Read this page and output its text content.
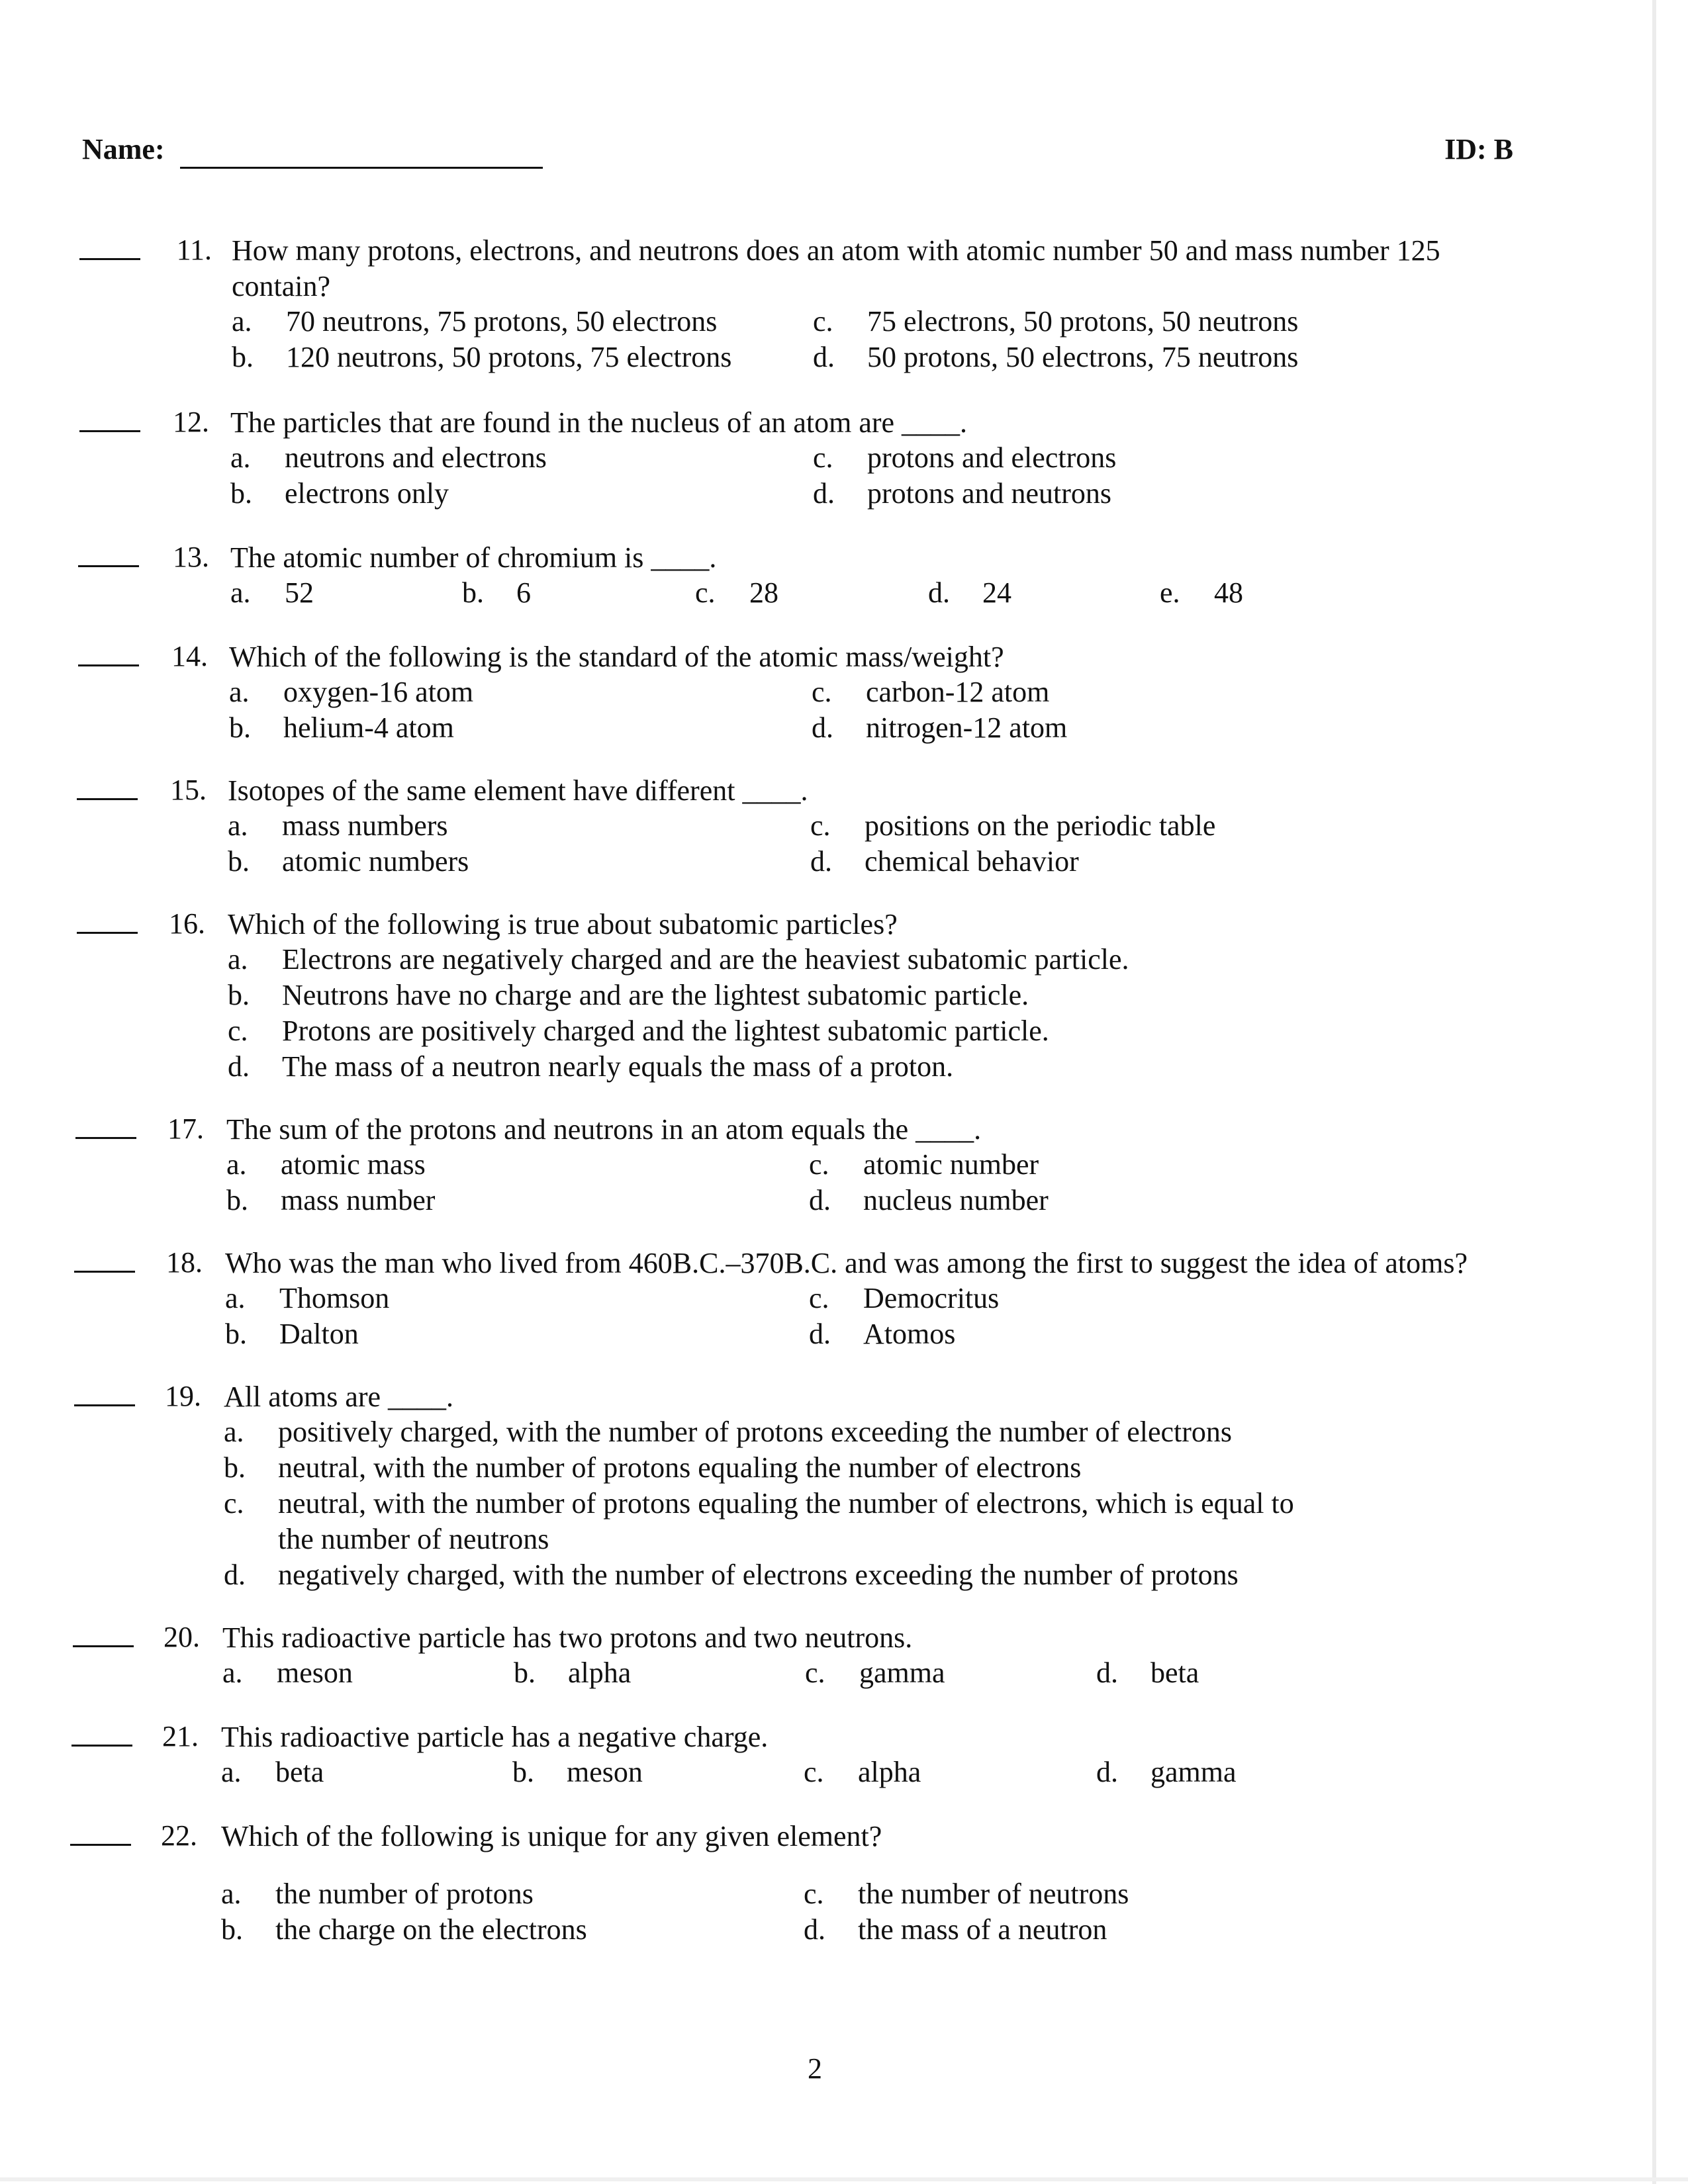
Name:	ID: B
11. How many protons, electrons, and neutrons does an atom with atomic number 50 and mass number 125 contain?
a. 70 neutrons, 75 protons, 50 electrons
b. 120 neutrons, 50 protons, 75 electrons
c. 75 electrons, 50 protons, 50 neutrons
d. 50 protons, 50 electrons, 75 neutrons
12. The particles that are found in the nucleus of an atom are ____.
a. neutrons and electrons
b. electrons only
c. protons and electrons
d. protons and neutrons
13. The atomic number of chromium is ____.
a. 52	b. 6	c. 28	d. 24	e. 48
14. Which of the following is the standard of the atomic mass/weight?
a. oxygen-16 atom
b. helium-4 atom
c. carbon-12 atom
d. nitrogen-12 atom
15. Isotopes of the same element have different ____.
a. mass numbers
b. atomic numbers
c. positions on the periodic table
d. chemical behavior
16. Which of the following is true about subatomic particles?
a. Electrons are negatively charged and are the heaviest subatomic particle.
b. Neutrons have no charge and are the lightest subatomic particle.
c. Protons are positively charged and the lightest subatomic particle.
d. The mass of a neutron nearly equals the mass of a proton.
17. The sum of the protons and neutrons in an atom equals the ____.
a. atomic mass
b. mass number
c. atomic number
d. nucleus number
18. Who was the man who lived from 460B.C.–370B.C. and was among the first to suggest the idea of atoms?
a. Thomson
b. Dalton
c. Democritus
d. Atomos
19. All atoms are ____.
a. positively charged, with the number of protons exceeding the number of electrons
b. neutral, with the number of protons equaling the number of electrons
c. neutral, with the number of protons equaling the number of electrons, which is equal to
the number of neutrons
d. negatively charged, with the number of electrons exceeding the number of protons
20. This radioactive particle has two protons and two neutrons.
a. meson	b. alpha	c. gamma	d. beta
21. This radioactive particle has a negative charge.
a. beta	b. meson	c. alpha	d. gamma
22. Which of the following is unique for any given element?
a. the number of protons
b. the charge on the electrons
c. the number of neutrons
d. the mass of a neutron
2
